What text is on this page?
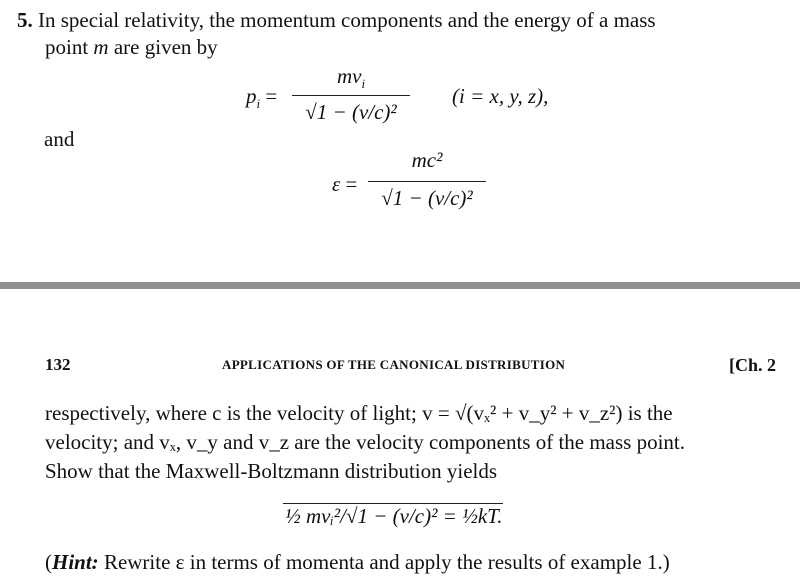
5. In special relativity, the momentum components and the energy of a mass
point m are given by
$p_i$ =
$mv_i$
√1 − (v/c)²
(i = x, y, z),
and
ε =
mc²
√1 − (v/c)²
132	APPLICATIONS OF THE CANONICAL DISTRIBUTION	[Ch. 2
respectively, where c is the velocity of light; v = √(vₓ² + v_y² + v_z²) is the
velocity; and vₓ, v_y and v_z are the velocity components of the mass point.
Show that the Maxwell-Boltzmann distribution yields
½ mvᵢ²/√1 − (v/c)² = ½kT.
(Hint: Rewrite ε in terms of momenta and apply the results of example 1.)
